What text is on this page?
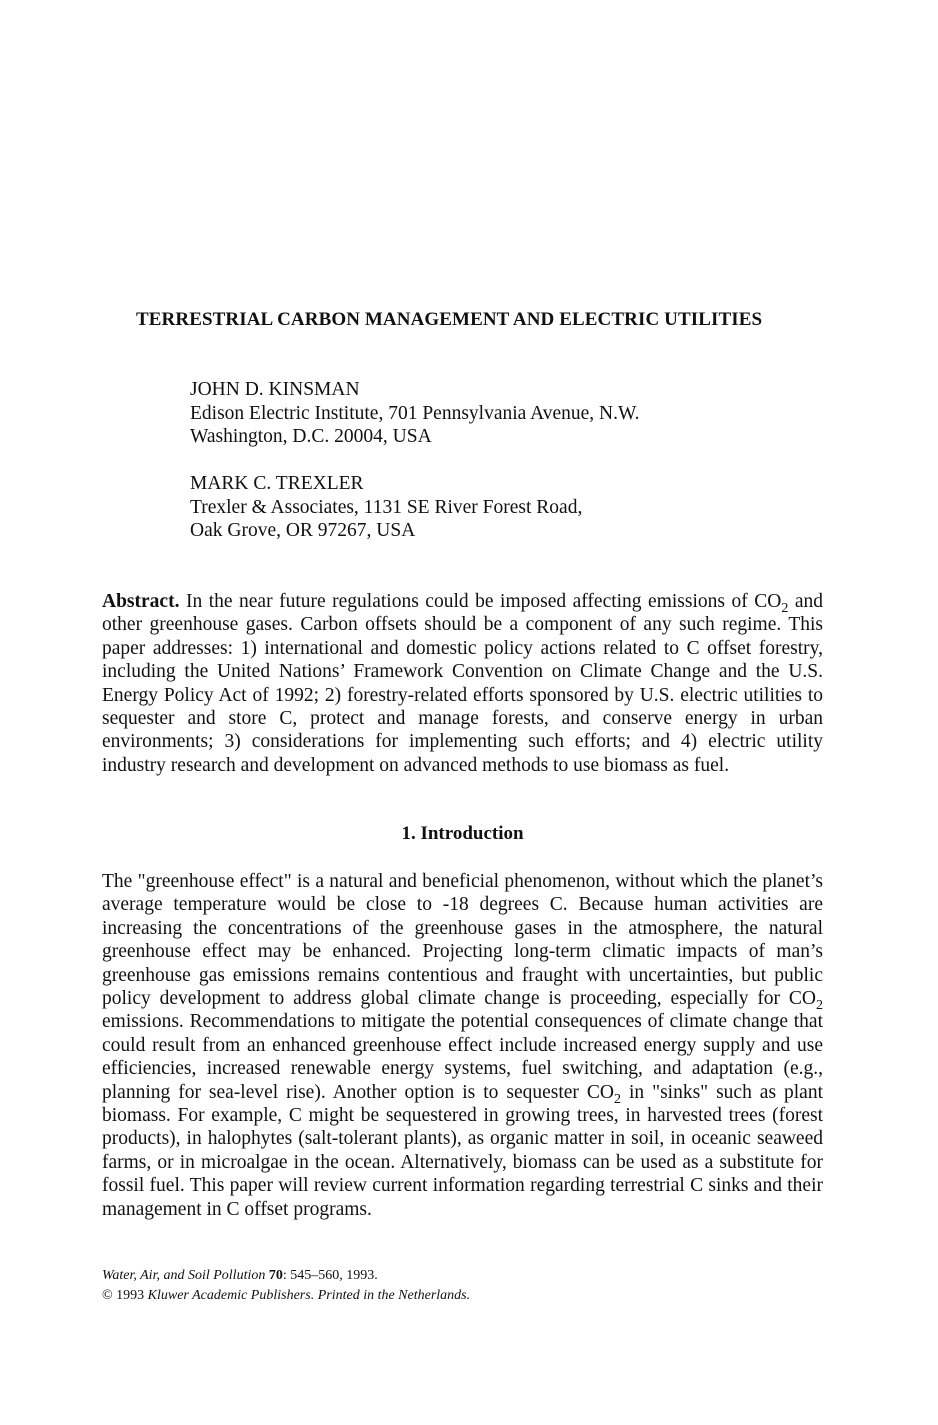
TERRESTRIAL CARBON MANAGEMENT AND ELECTRIC UTILITIES
JOHN D. KINSMAN
Edison Electric Institute, 701 Pennsylvania Avenue, N.W.
Washington, D.C. 20004, USA
MARK C. TREXLER
Trexler & Associates, 1131 SE River Forest Road,
Oak Grove, OR 97267, USA
Abstract. In the near future regulations could be imposed affecting emissions of $CO_2$ and other greenhouse gases. Carbon offsets should be a component of any such regime. This paper addresses: 1) international and domestic policy actions related to C offset forestry, including the United Nations’ Framework Convention on Climate Change and the U.S. Energy Policy Act of 1992; 2) forestry-related efforts sponsored by U.S. electric utilities to sequester and store C, protect and manage forests, and conserve energy in urban environments; 3) considerations for implementing such efforts; and 4) electric utility industry research and development on advanced methods to use biomass as fuel.
1. Introduction
The "greenhouse effect" is a natural and beneficial phenomenon, without which the planet’s average temperature would be close to -18 degrees C. Because human activities are increasing the concentrations of the greenhouse gases in the atmosphere, the natural greenhouse effect may be enhanced. Projecting long-term climatic impacts of man’s greenhouse gas emissions remains contentious and fraught with uncertainties, but public policy development to address global climate change is proceeding, especially for $CO_2$ emissions. Recommendations to mitigate the potential consequences of climate change that could result from an enhanced greenhouse effect include increased energy supply and use efficiencies, increased renewable energy systems, fuel switching, and adaptation (e.g., planning for sea-level rise). Another option is to sequester $CO_2$ in "sinks" such as plant biomass. For example, C might be sequestered in growing trees, in harvested trees (forest products), in halophytes (salt-tolerant plants), as organic matter in soil, in oceanic seaweed farms, or in microalgae in the ocean. Alternatively, biomass can be used as a substitute for fossil fuel. This paper will review current information regarding terrestrial C sinks and their management in C offset programs.
Water, Air, and Soil Pollution 70: 545–560, 1993.
© 1993 Kluwer Academic Publishers. Printed in the Netherlands.
